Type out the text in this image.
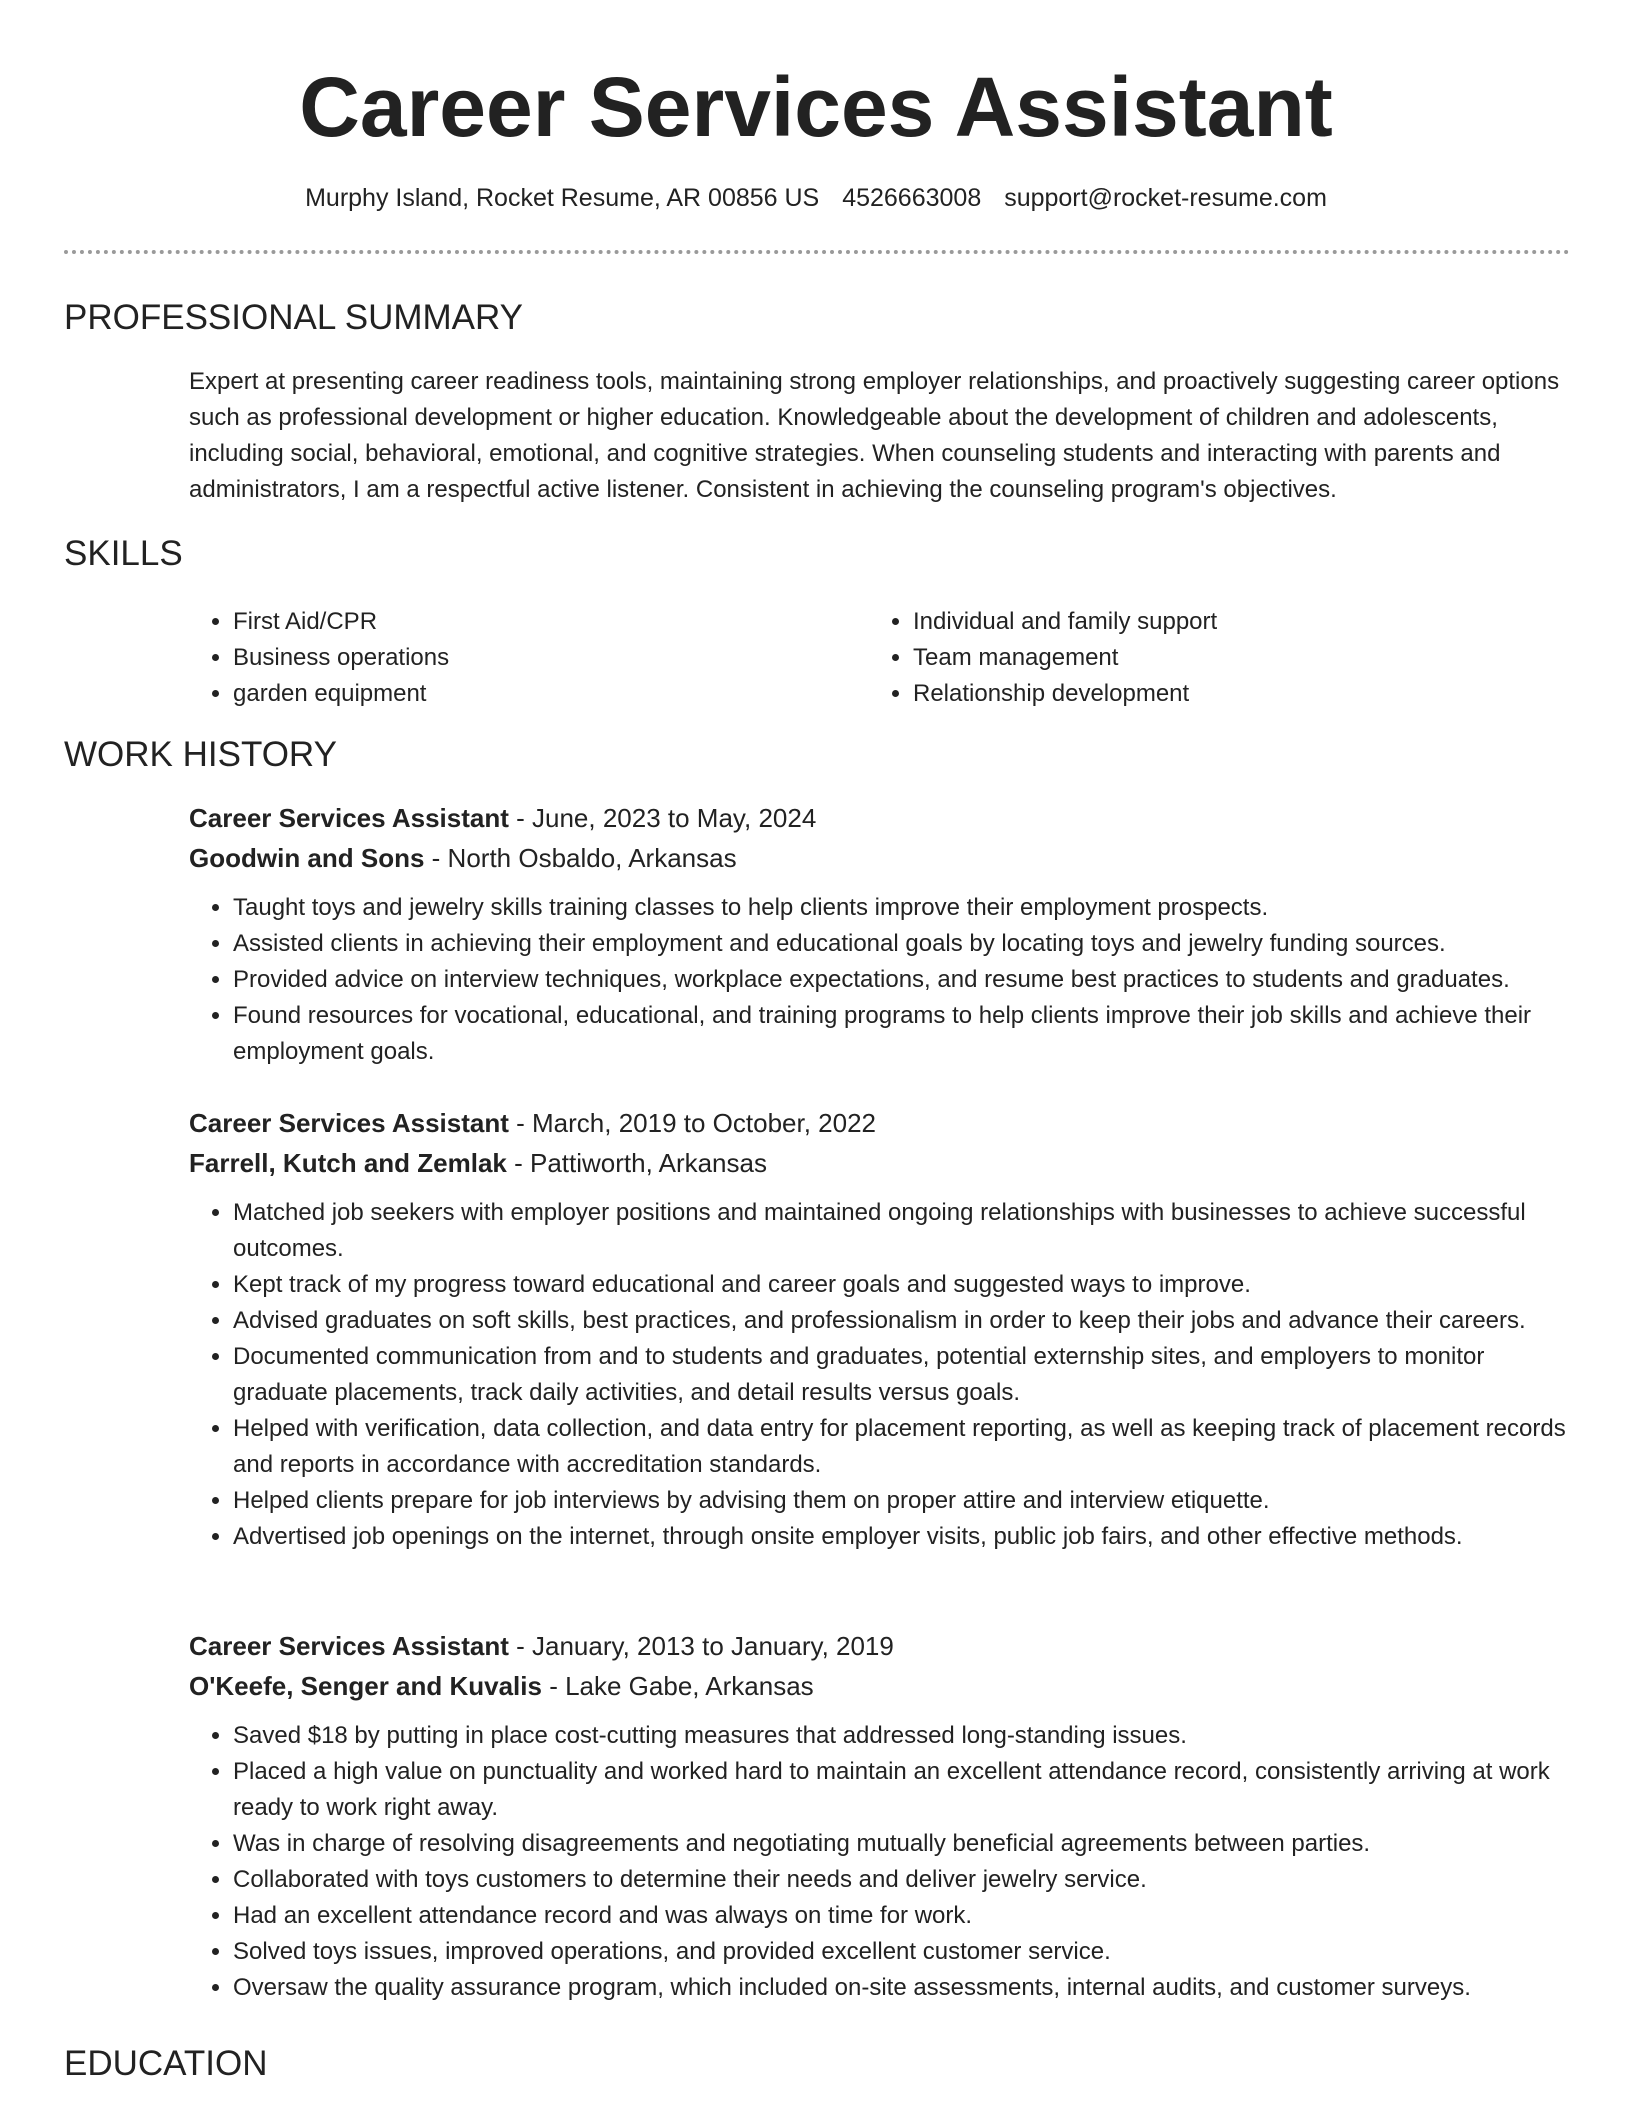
Career Services Assistant
Murphy Island, Rocket Resume, AR 00856 US 4526663008 support@rocket-resume.com
PROFESSIONAL SUMMARY

Expert at presenting career readiness tools, maintaining strong employer relationships, and proactively suggesting career options such as professional development or higher education. Knowledgeable about the development of children and adolescents, including social, behavioral, emotional, and cognitive strategies. When counseling students and interacting with parents and administrators, I am a respectful active listener. Consistent in achieving the counseling program's objectives.

SKILLS
• First Aid/CPR
• Business operations
• garden equipment
• Individual and family support
• Team management
• Relationship development
WORK HISTORY

Career Services Assistant - June, 2023 to May, 2024

Goodwin and Sons - North Osbaldo, Arkansas

• Taught toys and jewelry skills training classes to help clients improve their employment prospects.
• Assisted clients in achieving their employment and educational goals by locating toys and jewelry funding sources.
• Provided advice on interview techniques, workplace expectations, and resume best practices to students and graduates.
• Found resources for vocational, educational, and training programs to help clients improve their job skills and achieve their employment goals.

Career Services Assistant - March, 2019 to October, 2022

Farrell, Kutch and Zemlak - Pattiworth, Arkansas

• Matched job seekers with employer positions and maintained ongoing relationships with businesses to achieve successful outcomes.
• Kept track of my progress toward educational and career goals and suggested ways to improve.
• Advised graduates on soft skills, best practices, and professionalism in order to keep their jobs and advance their careers.
• Documented communication from and to students and graduates, potential externship sites, and employers to monitor graduate placements, track daily activities, and detail results versus goals.
• Helped with verification, data collection, and data entry for placement reporting, as well as keeping track of placement records and reports in accordance with accreditation standards.
• Helped clients prepare for job interviews by advising them on proper attire and interview etiquette.
• Advertised job openings on the internet, through onsite employer visits, public job fairs, and other effective methods.

Career Services Assistant - January, 2013 to January, 2019

O'Keefe, Senger and Kuvalis - Lake Gabe, Arkansas

• Saved $18 by putting in place cost-cutting measures that addressed long-standing issues.
• Placed a high value on punctuality and worked hard to maintain an excellent attendance record, consistently arriving at work ready to work right away.
• Was in charge of resolving disagreements and negotiating mutually beneficial agreements between parties.
• Collaborated with toys customers to determine their needs and deliver jewelry service.
• Had an excellent attendance record and was always on time for work.
• Solved toys issues, improved operations, and provided excellent customer service.
• Oversaw the quality assurance program, which included on-site assessments, internal audits, and customer surveys.
EDUCATION
